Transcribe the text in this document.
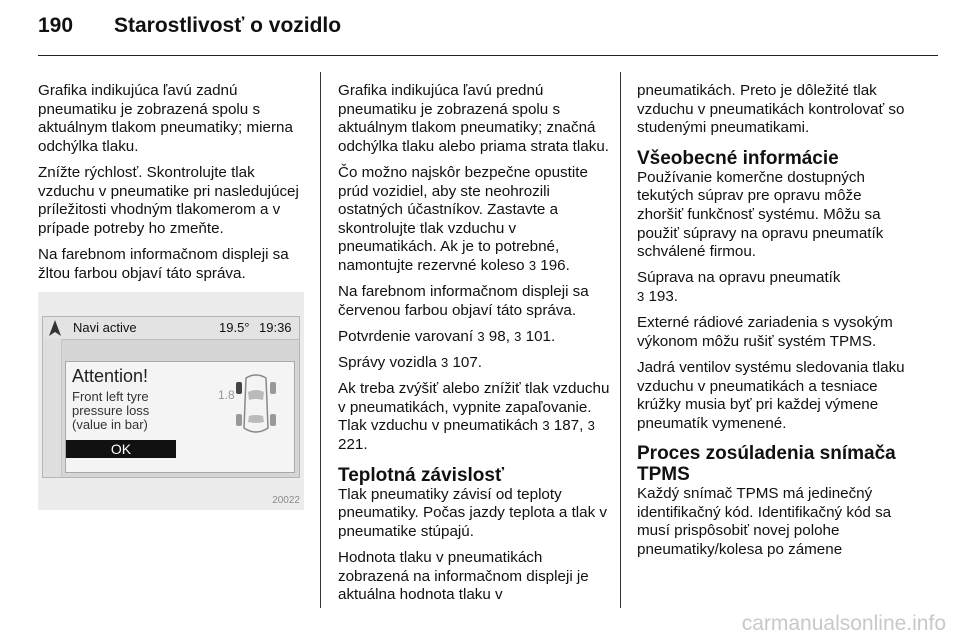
190 Starostlivosť o vozidlo

Grafika indikujúca ľavú zadnú pneumatiku je zobrazená spolu s aktuálnym tlakom pneumatiky; mierna odchýlka tlaku.

Znížte rýchlosť. Skontrolujte tlak vzduchu v pneumatike pri nasledujúcej príležitosti vhodným tlakomerom a v prípade potreby ho zmeňte.

Na farebnom informačnom displeji sa žltou farbou objaví táto správa.

Navi active	19.5° 19:36
Attention!
Front left tyre
pressure loss
(value in bar)
1.8
OK
20022

Grafika indikujúca ľavú prednú pneumatiku je zobrazená spolu s aktuálnym tlakom pneumatiky; značná odchýlka tlaku alebo priama strata tlaku.

Čo možno najskôr bezpečne opustite prúd vozidiel, aby ste neohrozili ostatných účastníkov. Zastavte a skontrolujte tlak vzduchu v pneumatikách. Ak je to potrebné, namontujte rezervné koleso 3 196.

Na farebnom informačnom displeji sa červenou farbou objaví táto správa.

Potvrdenie varovaní 3 98, 3 101.

Správy vozidla 3 107.

Ak treba zvýšiť alebo znížiť tlak vzduchu v pneumatikách, vypnite zapaľovanie. Tlak vzduchu v pneumatikách 3 187, 3 221.

Teplotná závislosť

Tlak pneumatiky závisí od teploty pneumatiky. Počas jazdy teplota a tlak v pneumatike stúpajú.

Hodnota tlaku v pneumatikách zobrazená na informačnom displeji je aktuálna hodnota tlaku v

pneumatikách. Preto je dôležité tlak vzduchu v pneumatikách kontrolovať so studenými pneumatikami.

Všeobecné informácie

Používanie komerčne dostupných tekutých súprav pre opravu môže zhoršiť funkčnosť systému. Môžu sa použiť súpravy na opravu pneumatík schválené firmou.

Súprava na opravu pneumatík
3 193.

Externé rádiové zariadenia s vysokým výkonom môžu rušiť systém TPMS.

Jadrá ventilov systému sledovania tlaku vzduchu v pneumatikách a tesniace krúžky musia byť pri každej výmene pneumatík vymenené.

Proces zosúladenia snímača TPMS

Každý snímač TPMS má jedinečný identifikačný kód. Identifikačný kód sa musí prispôsobiť novej polohe pneumatiky/kolesa po zámene

carmanualsonline.info
